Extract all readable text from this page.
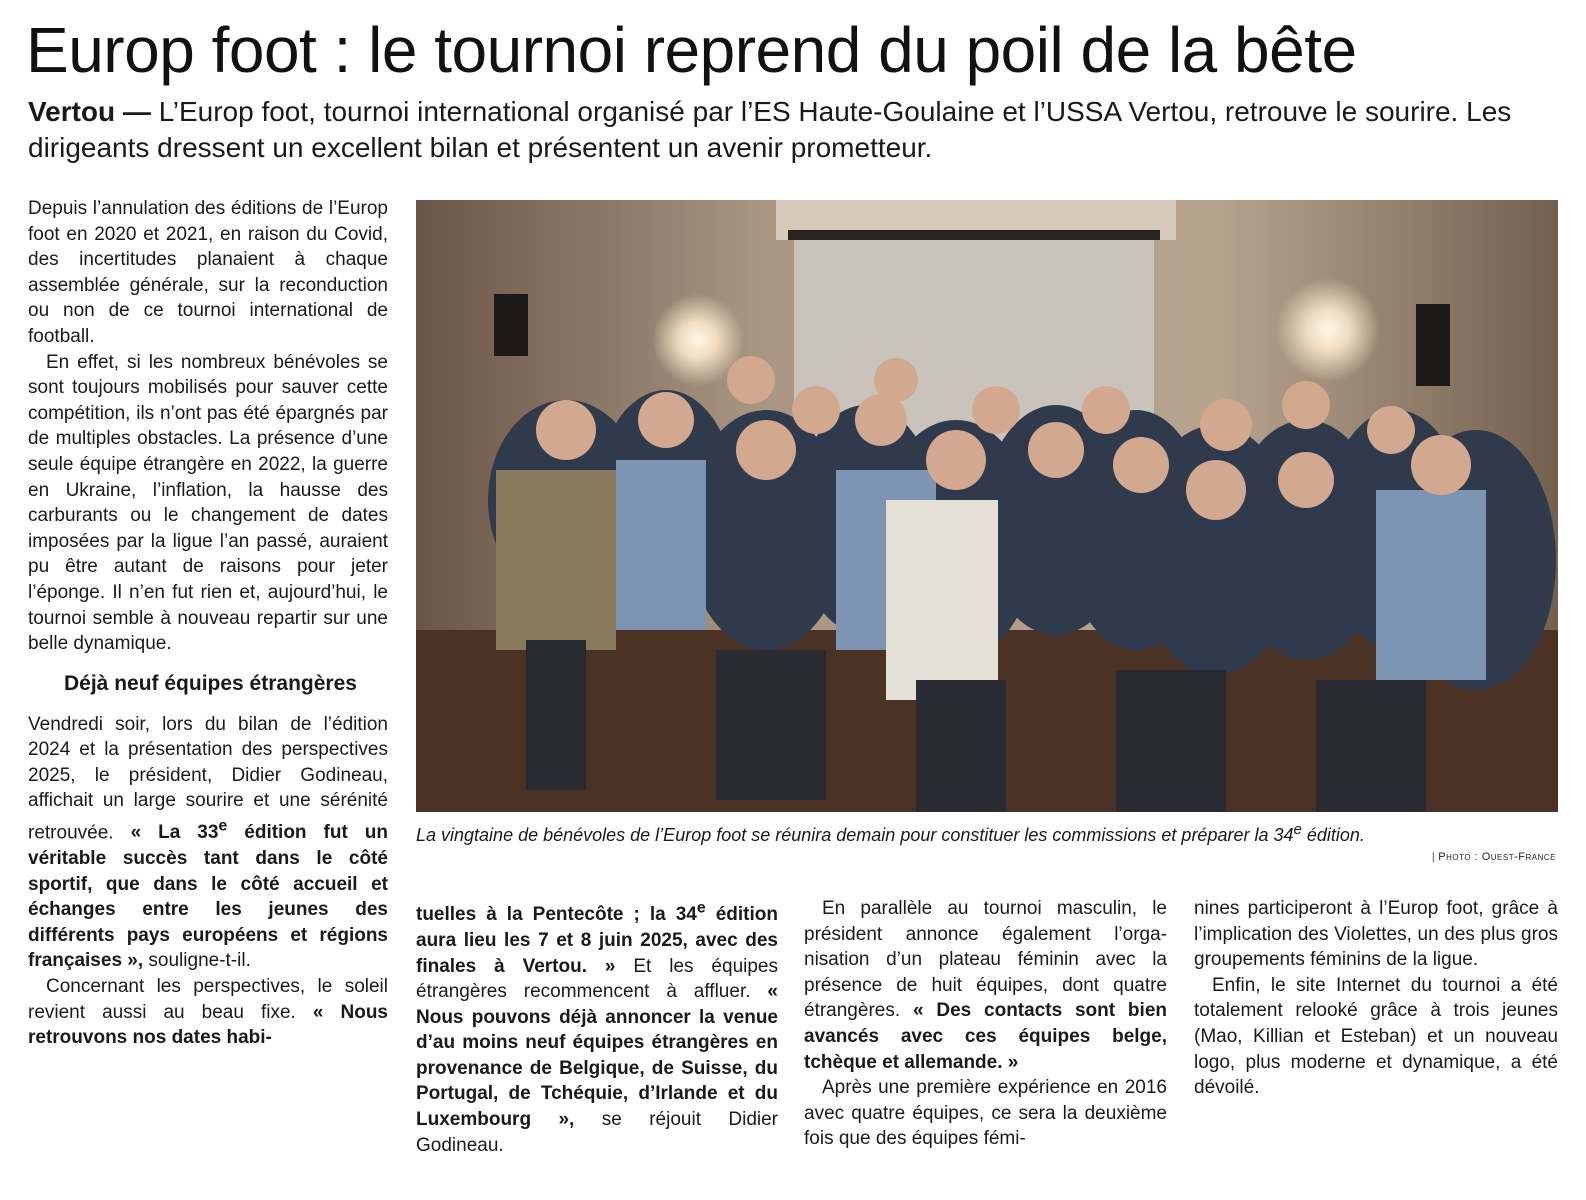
Europ foot : le tournoi reprend du poil de la bête

Vertou — L’Europ foot, tournoi international organisé par l’ES Haute-Goulaine et l’USSA Vertou, retrouve le sourire. Les dirigeants dressent un excellent bilan et présentent un avenir prometteur.

Depuis l’annulation des éditions de l’Europ foot en 2020 et 2021, en raison du Covid, des incertitudes planaient à chaque assemblée générale, sur la reconduction ou non de ce tournoi international de football.

En effet, si les nombreux bénévoles se sont toujours mobilisés pour sauver cette compétition, ils n’ont pas été épargnés par de multiples obstacles. La présence d’une seule équipe étrangère en 2022, la guerre en Ukraine, l’inflation, la hausse des carburants ou le changement de dates imposées par la ligue l’an passé, auraient pu être autant de raisons pour jeter l’éponge. Il n’en fut rien et, aujourd’hui, le tournoi semble à nouveau repartir sur une belle dynamique.

Déjà neuf équipes étrangères

Vendredi soir, lors du bilan de l’édition 2024 et la présentation des perspectives 2025, le président, Didier Godineau, affichait un large sourire et une sérénité retrouvée. « La 33e édition fut un véritable succès tant dans le côté sportif, que dans le côté accueil et échanges entre les jeunes des différents pays européens et régions françaises », souligne-t-il.

Concernant les perspectives, le soleil revient aussi au beau fixe. « Nous retrouvons nos dates habi-

La vingtaine de bénévoles de l’Europ foot se réunira demain pour constituer les commissions et préparer la 34e édition.

| Photo : Ouest-France

tuelles à la Pentecôte ; la 34e édition aura lieu les 7 et 8 juin 2025, avec des finales à Vertou. » Et les équipes étrangères recommencent à affluer. « Nous pouvons déjà annoncer la venue d’au moins neuf équipes étrangères en provenance de Belgique, de Suisse, du Portugal, de Tchéquie, d’Irlande et du Luxembourg », se réjouit Didier Godineau.

En parallèle au tournoi masculin, le président annonce également l’organisation d’un plateau féminin avec la présence de huit équipes, dont quatre étrangères. « Des contacts sont bien avancés avec ces équipes belge, tchèque et allemande. »

Après une première expérience en 2016 avec quatre équipes, ce sera la deuxième fois que des équipes fémi-

nines participeront à l’Europ foot, grâce à l’implication des Violettes, un des plus gros groupements féminins de la ligue.

Enfin, le site Internet du tournoi a été totalement relooké grâce à trois jeunes (Mao, Killian et Esteban) et un nouveau logo, plus moderne et dynamique, a été dévoilé.
